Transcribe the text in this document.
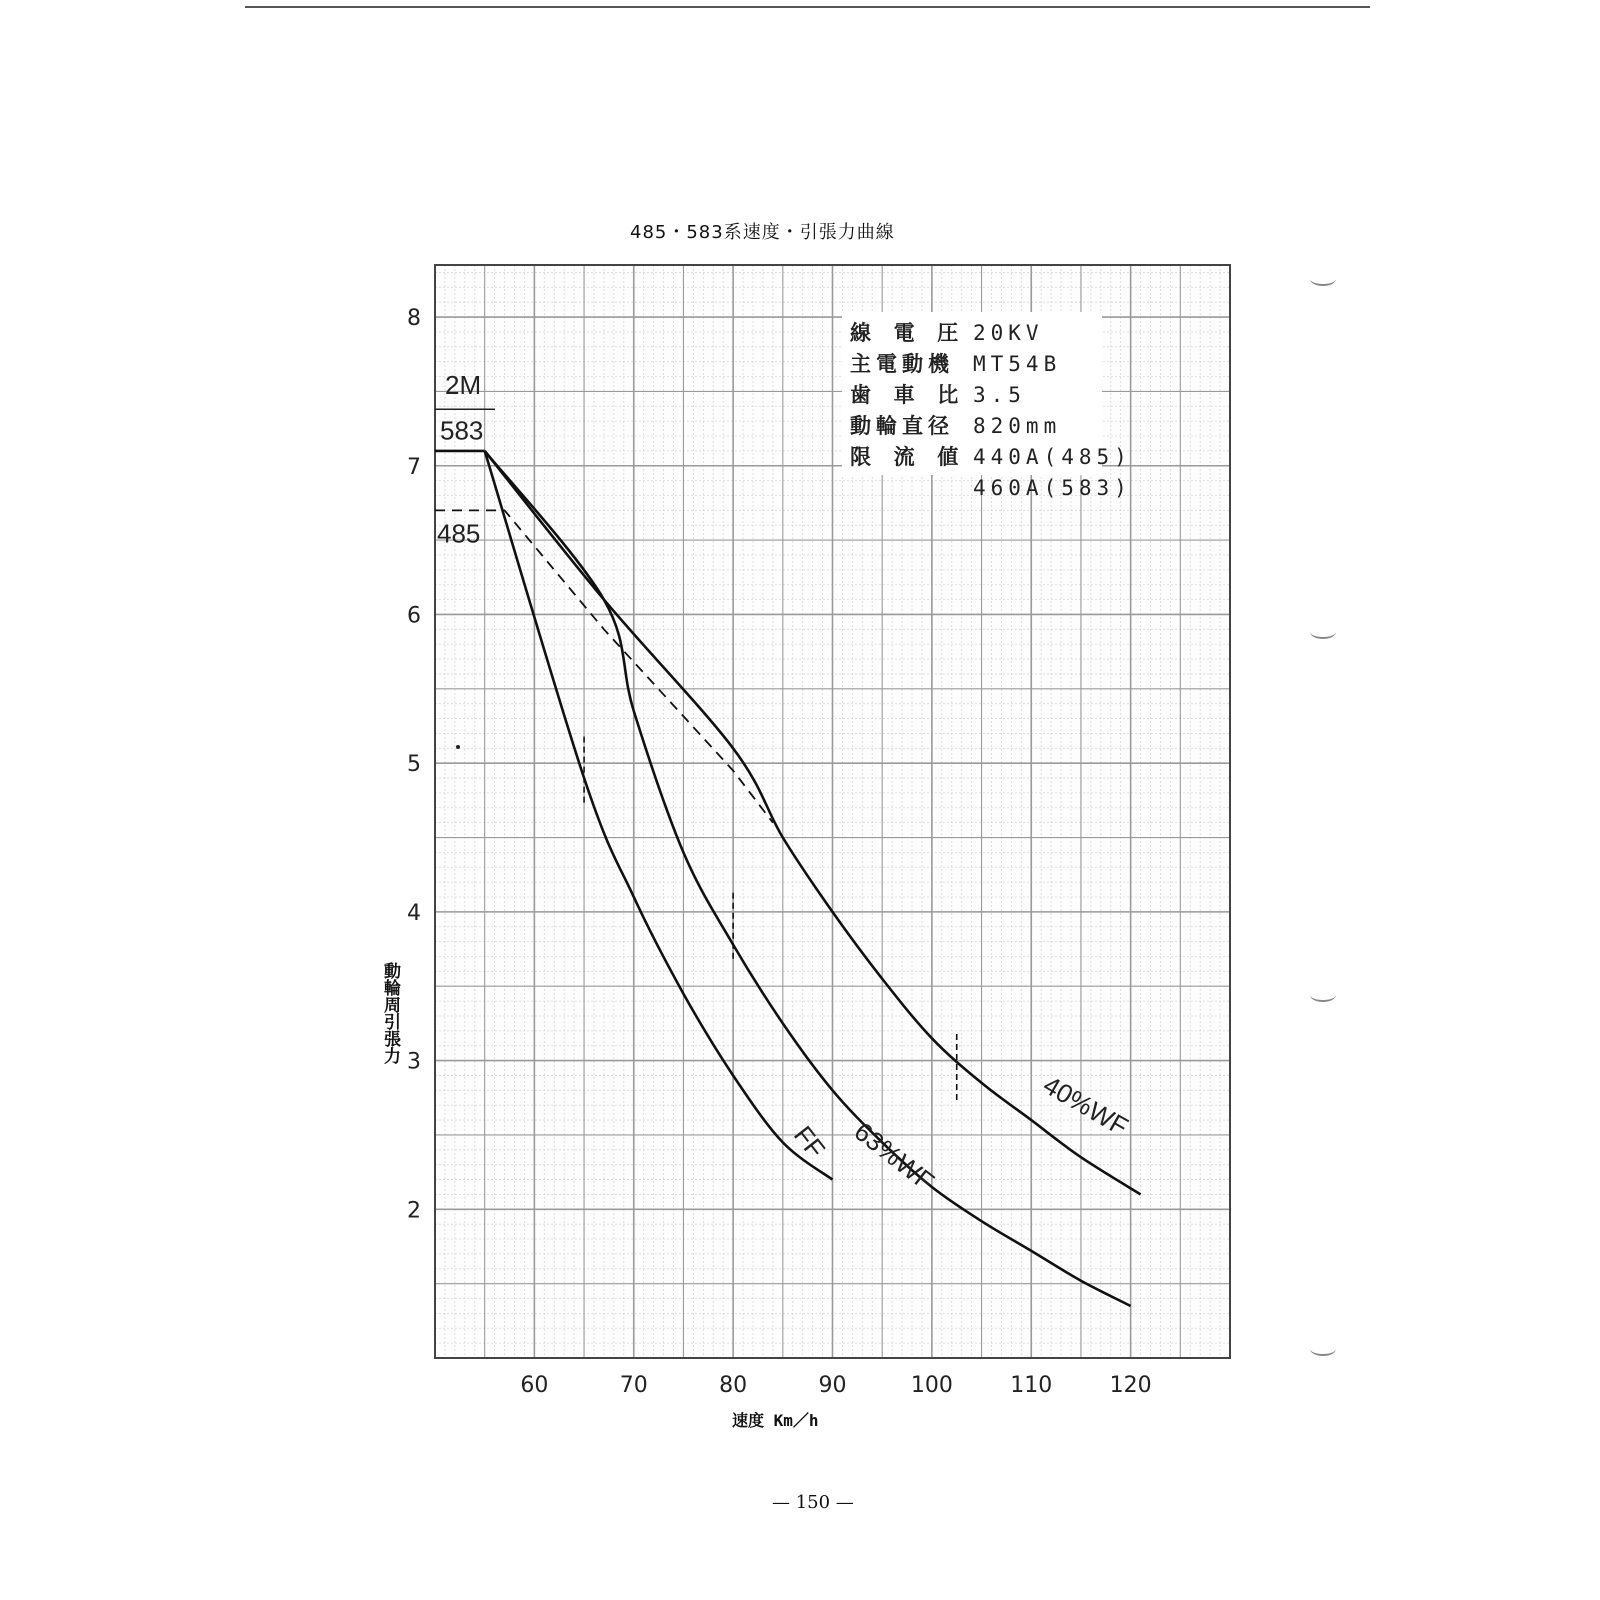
485・583系速度・引張力曲線
60	70	80	90	100	110	120
2
3
4
5
6
7
8
FF 63%WF
40%WF
2M
583
485
線 電 圧 20KV
主電動機 MT54B
歯 車 比 3.5
動輪直径 820mm
限 流 値 440A(485)
460A(583)
動輪周引張力
速度 Km／h
— 150 —
